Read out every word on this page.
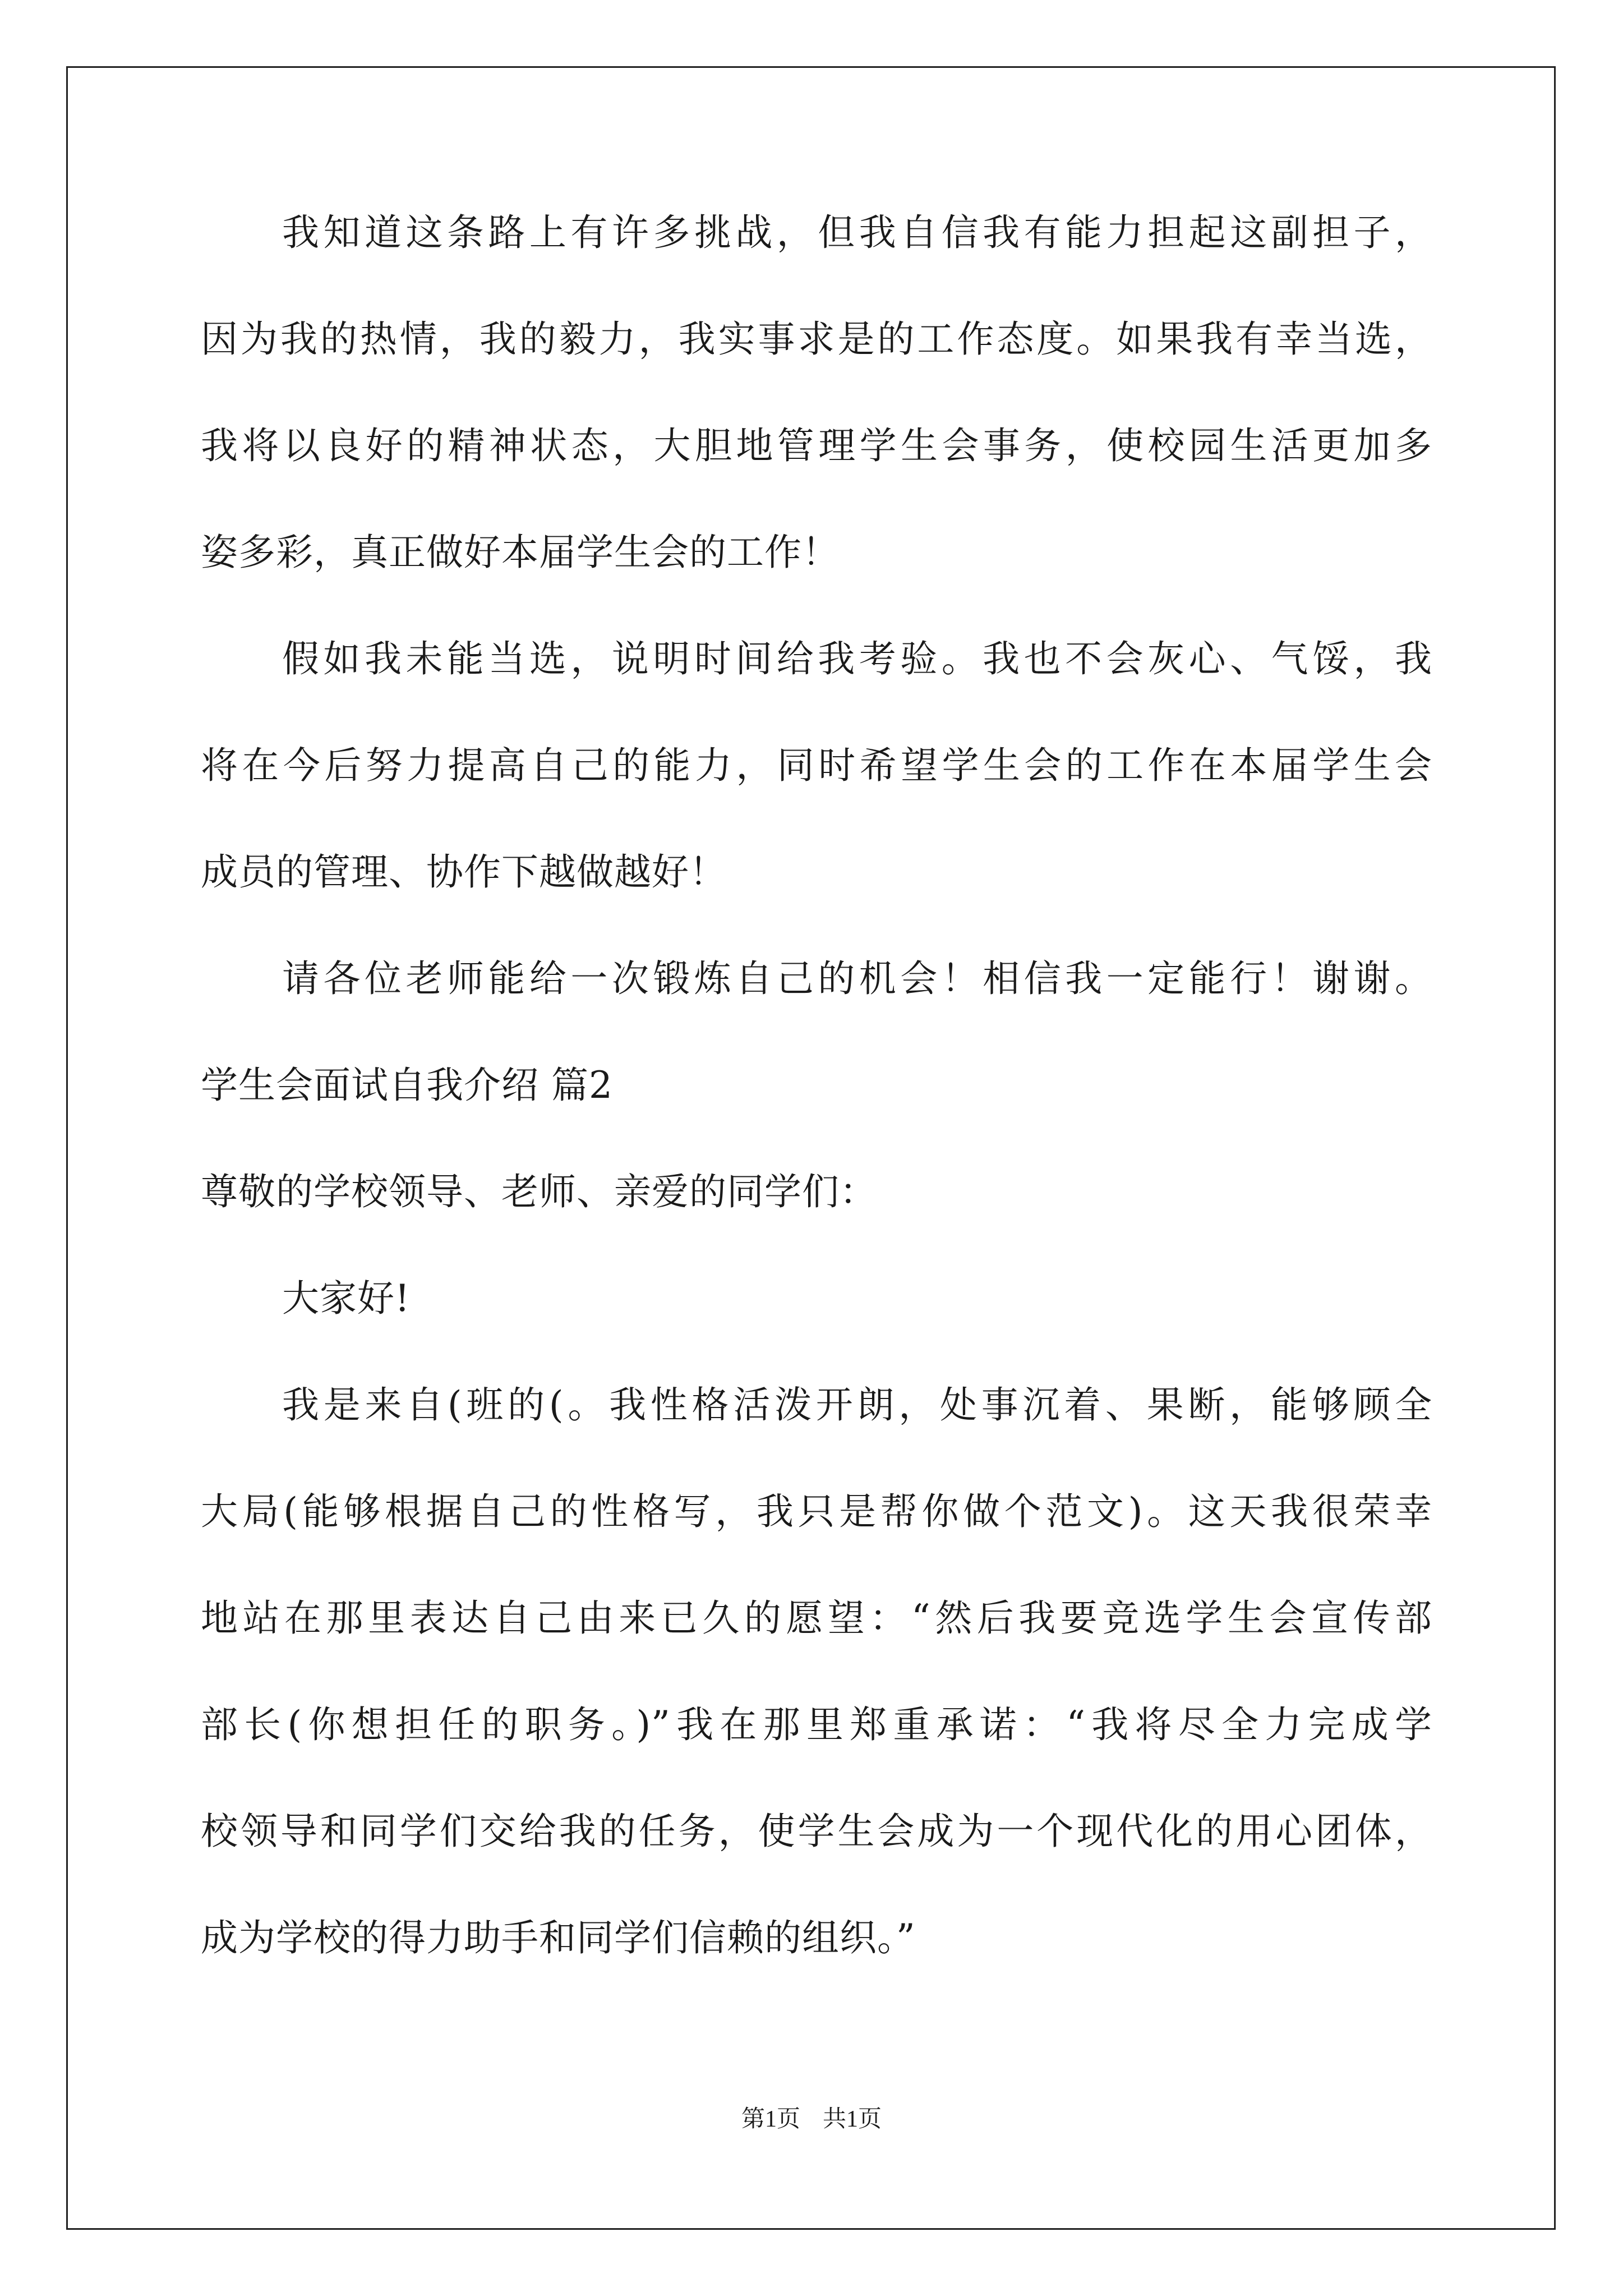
我知道这条路上有许多挑战，但我自信我有能力担起这副担子，
因为我的热情，我的毅力，我实事求是的工作态度。如果我有幸当选，
我将以良好的精神状态，大胆地管理学生会事务，使校园生活更加多
姿多彩，真正做好本届学生会的工作！
假如我未能当选，说明时间给我考验。我也不会灰心、气馁，我
将在今后努力提高自己的能力，同时希望学生会的工作在本届学生会
成员的管理、协作下越做越好！
请各位老师能给一次锻炼自己的机会！相信我一定能行！谢谢。
学生会面试自我介绍 篇2
尊敬的学校领导、老师、亲爱的同学们：
大家好!
我是来自(班的(。我性格活泼开朗，处事沉着、果断，能够顾全
大局(能够根据自己的性格写，我只是帮你做个范文)。这天我很荣幸
地站在那里表达自己由来已久的愿望：“然后我要竞选学生会宣传部
部长(你想担任的职务。)”我在那里郑重承诺：“我将尽全力完成学
校领导和同学们交给我的任务，使学生会成为一个现代化的用心团体，
成为学校的得力助手和同学们信赖的组织。”
第1页 共1页
